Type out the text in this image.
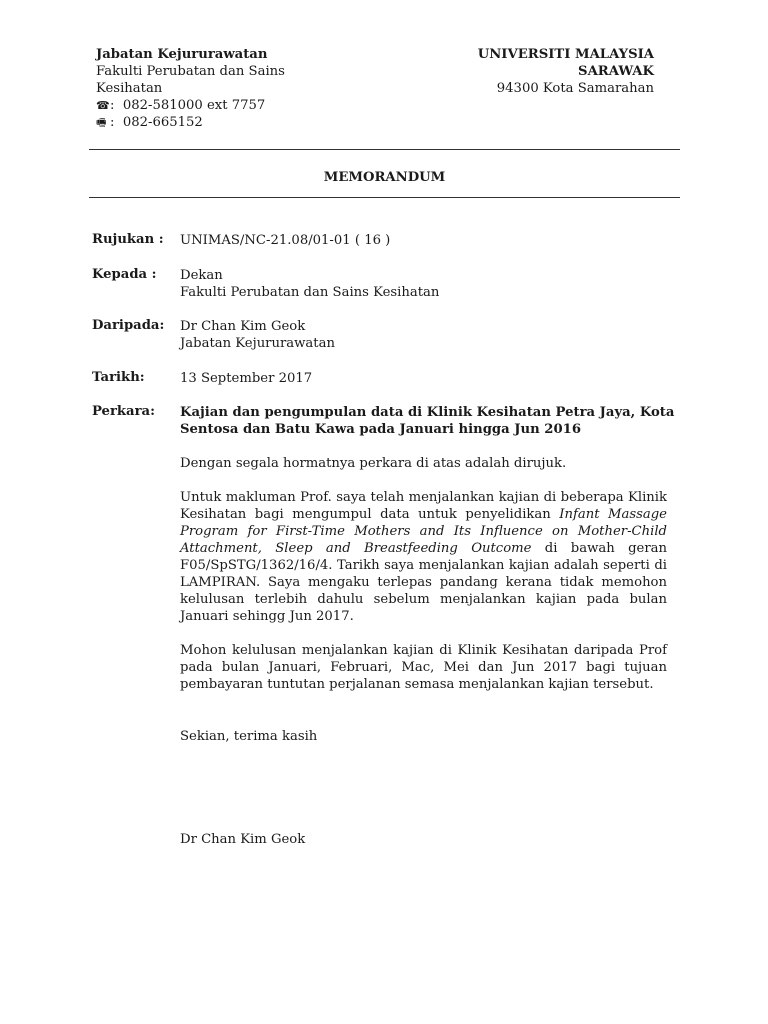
Jabatan Kejururawatan
Fakulti Perubatan dan Sains
Kesihatan
☎: 082-581000 ext 7757
🖷 : 082-665152
UNIVERSITI MALAYSIA
SARAWAK
94300 Kota Samarahan
MEMORANDUM
Rujukan : UNIMAS/NC-21.08/01-01 ( 16 )
Kepada : Dekan
Fakulti Perubatan dan Sains Kesihatan
Daripada: Dr Chan Kim Geok
Jabatan Kejururawatan
Tarikh:	13 September 2017
Perkara: Kajian dan pengumpulan data di Klinik Kesihatan Petra Jaya, Kota
Sentosa dan Batu Kawa pada Januari hingga Jun 2016
Dengan segala hormatnya perkara di atas adalah dirujuk.
Untuk makluman Prof. saya telah menjalankan kajian di beberapa Klinik Kesihatan bagi mengumpul data untuk penyelidikan Infant Massage Program for First-Time Mothers and Its Influence on Mother-Child Attachment, Sleep and Breastfeeding Outcome di bawah geran F05/SpSTG/1362/16/4. Tarikh saya menjalankan kajian adalah seperti di LAMPIRAN. Saya mengaku terlepas pandang kerana tidak memohon kelulusan terlebih dahulu sebelum menjalankan kajian pada bulan Januari sehingg Jun 2017.
Mohon kelulusan menjalankan kajian di Klinik Kesihatan daripada Prof pada bulan Januari, Februari, Mac, Mei dan Jun 2017 bagi tujuan pembayaran tuntutan perjalanan semasa menjalankan kajian tersebut.
Sekian, terima kasih
Dr Chan Kim Geok
